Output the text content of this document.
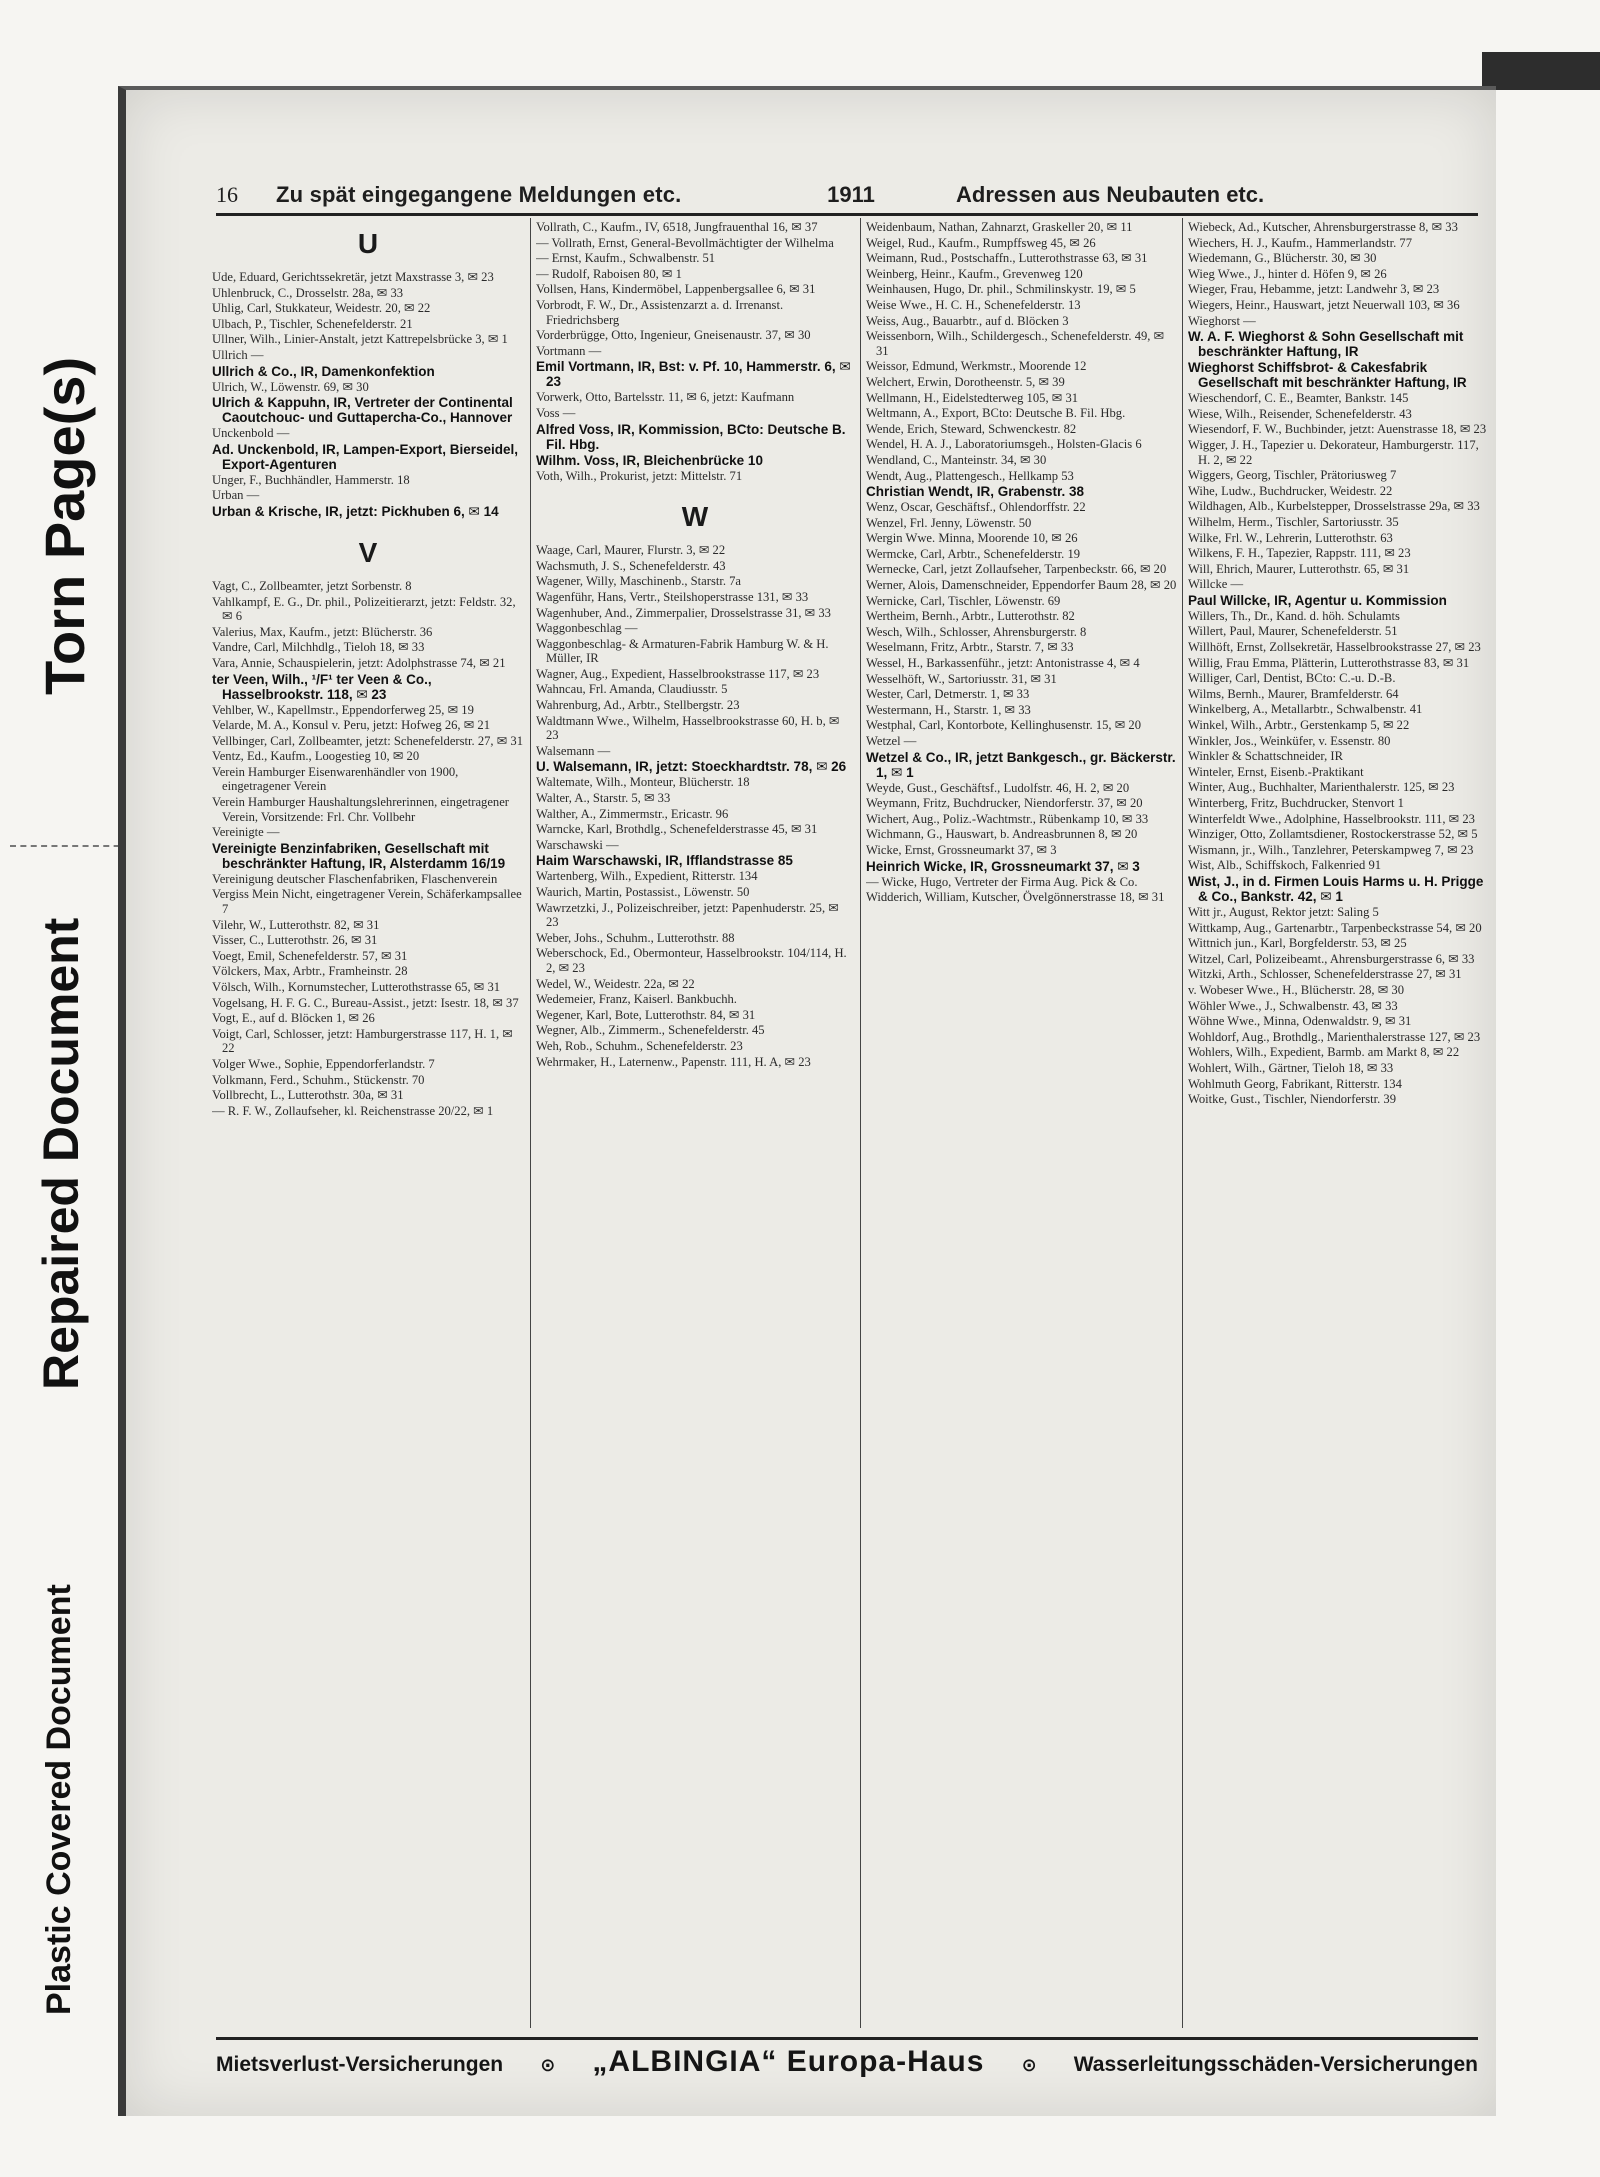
Torn Page(s)
Repaired Document
Plastic Covered Document
16	Zu spät eingegangene Meldungen etc.	1911	Adressen aus Neubauten etc.
U
Ude, Eduard, Gerichtssekretär, jetzt Maxstrasse 3, ✉ 23
Uhlenbruck, C., Drosselstr. 28a, ✉ 33
Uhlig, Carl, Stukkateur, Weidestr. 20, ✉ 22
Ulbach, P., Tischler, Schenefelderstr. 21
Ullner, Wilh., Linier-Anstalt, jetzt Kattrepelsbrücke 3, ✉ 1
Ullrich —
Ullrich & Co., IR, Damenkonfektion
Ulrich, W., Löwenstr. 69, ✉ 30
Ulrich & Kappuhn, IR, Vertreter der Continental Caoutchouc- und Guttapercha-Co., Hannover
Unckenbold —
Ad. Unckenbold, IR, Lampen-Export, Bierseidel, Export-Agenturen
Unger, F., Buchhändler, Hammerstr. 18
Urban —
Urban & Krische, IR, jetzt: Pickhuben 6, ✉ 14
V
Vagt, C., Zollbeamter, jetzt Sorbenstr. 8
Vahlkampf, E. G., Dr. phil., Polizeitierarzt, jetzt: Feldstr. 32, ✉ 6
Valerius, Max, Kaufm., jetzt: Blücherstr. 36
Vandre, Carl, Milchhdlg., Tieloh 18, ✉ 33
Vara, Annie, Schauspielerin, jetzt: Adolphstrasse 74, ✉ 21
ter Veen, Wilh., ¹/F¹ ter Veen & Co., Hasselbrookstr. 118, ✉ 23
Vehlber, W., Kapellmstr., Eppendorferweg 25, ✉ 19
Velarde, M. A., Konsul v. Peru, jetzt: Hofweg 26, ✉ 21
Vellbinger, Carl, Zollbeamter, jetzt: Schenefelderstr. 27, ✉ 31
Ventz, Ed., Kaufm., Loogestieg 10, ✉ 20
Verein Hamburger Eisenwarenhändler von 1900, eingetragener Verein
Verein Hamburger Haushaltungslehrerinnen, eingetragener Verein, Vorsitzende: Frl. Chr. Vollbehr
Vereinigte —
Vereinigte Benzinfabriken, Gesellschaft mit beschränkter Haftung, IR, Alsterdamm 16/19
Vereinigung deutscher Flaschenfabriken, Flaschenverein
Vergiss Mein Nicht, eingetragener Verein, Schäferkampsallee 7
Vilehr, W., Lutterothstr. 82, ✉ 31
Visser, C., Lutterothstr. 26, ✉ 31
Voegt, Emil, Schenefelderstr. 57, ✉ 31
Völckers, Max, Arbtr., Framheinstr. 28
Völsch, Wilh., Kornumstecher, Lutterothstrasse 65, ✉ 31
Vogelsang, H. F. G. C., Bureau-Assist., jetzt: Isestr. 18, ✉ 37
Vogt, E., auf d. Blöcken 1, ✉ 26
Voigt, Carl, Schlosser, jetzt: Hamburgerstrasse 117, H. 1, ✉ 22
Volger Wwe., Sophie, Eppendorferlandstr. 7
Volkmann, Ferd., Schuhm., Stückenstr. 70
Vollbrecht, L., Lutterothstr. 30a, ✉ 31
— R. F. W., Zollaufseher, kl. Reichenstrasse 20/22, ✉ 1
Vollrath, C., Kaufm., IV, 6518, Jungfrauenthal 16, ✉ 37
— Vollrath, Ernst, General-Bevollmächtigter der Wilhelma
— Ernst, Kaufm., Schwalbenstr. 51
— Rudolf, Raboisen 80, ✉ 1
Vollsen, Hans, Kindermöbel, Lappenbergsallee 6, ✉ 31
Vorbrodt, F. W., Dr., Assistenzarzt a. d. Irrenanst. Friedrichsberg
Vorderbrügge, Otto, Ingenieur, Gneisenaustr. 37, ✉ 30
Vortmann —
Emil Vortmann, IR, Bst: v. Pf. 10, Hammerstr. 6, ✉ 23
Vorwerk, Otto, Bartelsstr. 11, ✉ 6, jetzt: Kaufmann
Voss —
Alfred Voss, IR, Kommission, BCto: Deutsche B. Fil. Hbg.
Wilhm. Voss, IR, Bleichenbrücke 10
Voth, Wilh., Prokurist, jetzt: Mittelstr. 71
W
Waage, Carl, Maurer, Flurstr. 3, ✉ 22
Wachsmuth, J. S., Schenefelderstr. 43
Wagener, Willy, Maschinenb., Starstr. 7a
Wagenführ, Hans, Vertr., Steilshoperstrasse 131, ✉ 33
Wagenhuber, And., Zimmerpalier, Drosselstrasse 31, ✉ 33
Waggonbeschlag —
Waggonbeschlag- & Armaturen-Fabrik Hamburg W. & H. Müller, IR
Wagner, Aug., Expedient, Hasselbrookstrasse 117, ✉ 23
Wahncau, Frl. Amanda, Claudiusstr. 5
Wahrenburg, Ad., Arbtr., Stellbergstr. 23
Waldtmann Wwe., Wilhelm, Hasselbrookstrasse 60, H. b, ✉ 23
Walsemann —
U. Walsemann, IR, jetzt: Stoeckhardtstr. 78, ✉ 26
Waltemate, Wilh., Monteur, Blücherstr. 18
Walter, A., Starstr. 5, ✉ 33
Walther, A., Zimmermstr., Ericastr. 96
Warncke, Karl, Brothdlg., Schenefelderstrasse 45, ✉ 31
Warschawski —
Haim Warschawski, IR, Ifflandstrasse 85
Wartenberg, Wilh., Expedient, Ritterstr. 134
Waurich, Martin, Postassist., Löwenstr. 50
Wawrzetzki, J., Polizeischreiber, jetzt: Papenhuderstr. 25, ✉ 23
Weber, Johs., Schuhm., Lutterothstr. 88
Weberschock, Ed., Obermonteur, Hasselbrookstr. 104/114, H. 2, ✉ 23
Wedel, W., Weidestr. 22a, ✉ 22
Wedemeier, Franz, Kaiserl. Bankbuchh.
Wegener, Karl, Bote, Lutterothstr. 84, ✉ 31
Wegner, Alb., Zimmerm., Schenefelderstr. 45
Weh, Rob., Schuhm., Schenefelderstr. 23
Wehrmaker, H., Laternenw., Papenstr. 111, H. A, ✉ 23
Weidenbaum, Nathan, Zahnarzt, Graskeller 20, ✉ 11
Weigel, Rud., Kaufm., Rumpffsweg 45, ✉ 26
Weimann, Rud., Postschaffn., Lutterothstrasse 63, ✉ 31
Weinberg, Heinr., Kaufm., Grevenweg 120
Weinhausen, Hugo, Dr. phil., Schmilinskystr. 19, ✉ 5
Weise Wwe., H. C. H., Schenefelderstr. 13
Weiss, Aug., Bauarbtr., auf d. Blöcken 3
Weissenborn, Wilh., Schildergesch., Schenefelderstr. 49, ✉ 31
Weissor, Edmund, Werkmstr., Moorende 12
Welchert, Erwin, Dorotheenstr. 5, ✉ 39
Wellmann, H., Eidelstedterweg 105, ✉ 31
Weltmann, A., Export, BCto: Deutsche B. Fil. Hbg.
Wende, Erich, Steward, Schwenckestr. 82
Wendel, H. A. J., Laboratoriumsgeh., Holsten-Glacis 6
Wendland, C., Manteinstr. 34, ✉ 30
Wendt, Aug., Plattengesch., Hellkamp 53
Christian Wendt, IR, Grabenstr. 38
Wenz, Oscar, Geschäftsf., Ohlendorffstr. 22
Wenzel, Frl. Jenny, Löwenstr. 50
Wergin Wwe. Minna, Moorende 10, ✉ 26
Wermcke, Carl, Arbtr., Schenefelderstr. 19
Wernecke, Carl, jetzt Zollaufseher, Tarpenbeckstr. 66, ✉ 20
Werner, Alois, Damenschneider, Eppendorfer Baum 28, ✉ 20
Wernicke, Carl, Tischler, Löwenstr. 69
Wertheim, Bernh., Arbtr., Lutterothstr. 82
Wesch, Wilh., Schlosser, Ahrensburgerstr. 8
Weselmann, Fritz, Arbtr., Starstr. 7, ✉ 33
Wessel, H., Barkassenführ., jetzt: Antonistrasse 4, ✉ 4
Wesselhöft, W., Sartoriusstr. 31, ✉ 31
Wester, Carl, Detmerstr. 1, ✉ 33
Westermann, H., Starstr. 1, ✉ 33
Westphal, Carl, Kontorbote, Kellinghusenstr. 15, ✉ 20
Wetzel —
Wetzel & Co., IR, jetzt Bankgesch., gr. Bäckerstr. 1, ✉ 1
Weyde, Gust., Geschäftsf., Ludolfstr. 46, H. 2, ✉ 20
Weymann, Fritz, Buchdrucker, Niendorferstr. 37, ✉ 20
Wichert, Aug., Poliz.-Wachtmstr., Rübenkamp 10, ✉ 33
Wichmann, G., Hauswart, b. Andreasbrunnen 8, ✉ 20
Wicke, Ernst, Grossneumarkt 37, ✉ 3
Heinrich Wicke, IR, Grossneumarkt 37, ✉ 3
— Wicke, Hugo, Vertreter der Firma Aug. Pick & Co.
Widderich, William, Kutscher, Övelgönnerstrasse 18, ✉ 31
Wiebeck, Ad., Kutscher, Ahrensburgerstrasse 8, ✉ 33
Wiechers, H. J., Kaufm., Hammerlandstr. 77
Wiedemann, G., Blücherstr. 30, ✉ 30
Wieg Wwe., J., hinter d. Höfen 9, ✉ 26
Wieger, Frau, Hebamme, jetzt: Landwehr 3, ✉ 23
Wiegers, Heinr., Hauswart, jetzt Neuerwall 103, ✉ 36
Wieghorst —
W. A. F. Wieghorst & Sohn Gesellschaft mit beschränkter Haftung, IR
Wieghorst Schiffsbrot- & Cakesfabrik Gesellschaft mit beschränkter Haftung, IR
Wieschendorf, C. E., Beamter, Bankstr. 145
Wiese, Wilh., Reisender, Schenefelderstr. 43
Wiesendorf, F. W., Buchbinder, jetzt: Auenstrasse 18, ✉ 23
Wigger, J. H., Tapezier u. Dekorateur, Hamburgerstr. 117, H. 2, ✉ 22
Wiggers, Georg, Tischler, Prätoriusweg 7
Wihe, Ludw., Buchdrucker, Weidestr. 22
Wildhagen, Alb., Kurbelstepper, Drosselstrasse 29a, ✉ 33
Wilhelm, Herm., Tischler, Sartoriusstr. 35
Wilke, Frl. W., Lehrerin, Lutterothstr. 63
Wilkens, F. H., Tapezier, Rappstr. 111, ✉ 23
Will, Ehrich, Maurer, Lutterothstr. 65, ✉ 31
Willcke —
Paul Willcke, IR, Agentur u. Kommission
Willers, Th., Dr., Kand. d. höh. Schulamts
Willert, Paul, Maurer, Schenefelderstr. 51
Willhöft, Ernst, Zollsekretär, Hasselbrookstrasse 27, ✉ 23
Willig, Frau Emma, Plätterin, Lutterothstrasse 83, ✉ 31
Williger, Carl, Dentist, BCto: C.-u. D.-B.
Wilms, Bernh., Maurer, Bramfelderstr. 64
Winkelberg, A., Metallarbtr., Schwalbenstr. 41
Winkel, Wilh., Arbtr., Gerstenkamp 5, ✉ 22
Winkler, Jos., Weinküfer, v. Essenstr. 80
Winkler & Schattschneider, IR
Winteler, Ernst, Eisenb.-Praktikant
Winter, Aug., Buchhalter, Marienthalerstr. 125, ✉ 23
Winterberg, Fritz, Buchdrucker, Stenvort 1
Winterfeldt Wwe., Adolphine, Hasselbrookstr. 111, ✉ 23
Winziger, Otto, Zollamtsdiener, Rostockerstrasse 52, ✉ 5
Wismann, jr., Wilh., Tanzlehrer, Peterskampweg 7, ✉ 23
Wist, Alb., Schiffskoch, Falkenried 91
Wist, J., in d. Firmen Louis Harms u. H. Prigge & Co., Bankstr. 42, ✉ 1
Witt jr., August, Rektor jetzt: Saling 5
Wittkamp, Aug., Gartenarbtr., Tarpenbeckstrasse 54, ✉ 20
Wittnich jun., Karl, Borgfelderstr. 53, ✉ 25
Witzel, Carl, Polizeibeamt., Ahrensburgerstrasse 6, ✉ 33
Witzki, Arth., Schlosser, Schenefelderstrasse 27, ✉ 31
v. Wobeser Wwe., H., Blücherstr. 28, ✉ 30
Wöhler Wwe., J., Schwalbenstr. 43, ✉ 33
Wöhne Wwe., Minna, Odenwaldstr. 9, ✉ 31
Wohldorf, Aug., Brothdlg., Marienthalerstrasse 127, ✉ 23
Wohlers, Wilh., Expedient, Barmb. am Markt 8, ✉ 22
Wohlert, Wilh., Gärtner, Tieloh 18, ✉ 33
Wohlmuth Georg, Fabrikant, Ritterstr. 134
Woitke, Gust., Tischler, Niendorferstr. 39
Mietsverlust-Versicherungen ⊙ „ALBINGIA“ Europa-Haus ⊙ Wasserleitungsschäden-Versicherungen
